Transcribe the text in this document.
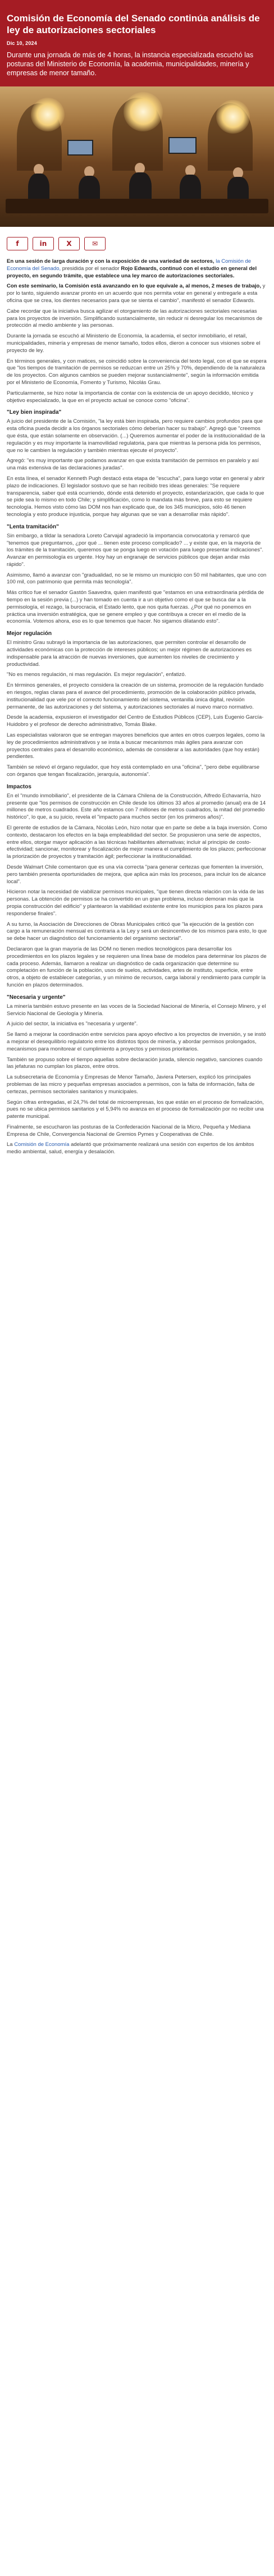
Comisión de Economía del Senado continúa análisis de ley de autorizaciones sectoriales
Dic 10, 2024

Durante una jornada de más de 4 horas, la instancia especializada escuchó las posturas del Ministerio de Economía, la academia, municipalidades, minería y empresas de menor tamaño.

f	in	X	✉

En una sesión de larga duración y con la exposición de una variedad de sectores, la Comisión de Economía del Senado, presidida por el senador Rojo Edwards, continuó con el estudio en general del proyecto, en segundo trámite, que establece una ley marco de autorizaciones sectoriales.

Con este seminario, la Comisión está avanzando en lo que equivale a, al menos, 2 meses de trabajo, y por lo tanto, siguiendo avanzar pronto en un acuerdo que nos permita votar en general y entregarle a esta oficina que se crea, los dientes necesarios para que se sienta el cambio", manifestó el senador Edwards.

Cabe recordar que la iniciativa busca agilizar el otorgamiento de las autorizaciones sectoriales necesarias para los proyectos de inversión. Simplificando sustancialmente, sin reducir ni desregular los mecanismos de protección al medio ambiente y las personas.

Durante la jornada se escuchó al Ministerio de Economía, la academia, el sector inmobiliario, el retail, municipalidades, minería y empresas de menor tamaño, todos ellos, dieron a conocer sus visiones sobre el proyecto de ley.

En términos generales, y con matices, se coincidió sobre la conveniencia del texto legal, con el que se espera que "los tiempos de tramitación de permisos se reduzcan entre un 25% y 70%, dependiendo de la naturaleza de los proyectos. Con algunos cambios se pueden mejorar sustancialmente", según la información emitida por el Ministerio de Economía, Fomento y Turismo, Nicolás Grau.

Particularmente, se hizo notar la importancia de contar con la existencia de un apoyo decidido, técnico y objetivo especializado, la que en el proyecto actual se conoce como "oficina".

"Ley bien inspirada"

A juicio del presidente de la Comisión, "la ley está bien inspirada, pero requiere cambios profundos para que esta oficina pueda decidir a los órganos sectoriales cómo deberían hacer su trabajo". Agregó que "creemos que ésta, que están solamente en observación. (...) Queremos aumentar el poder de la institucionalidad de la regulación y es muy importante la inamovilidad regulatoria, para que mientras la persona pida los permisos, que no le cambien la regulación y también mientras ejecute el proyecto".

Agregó: "es muy importante que podamos avanzar en que exista tramitación de permisos en paralelo y así una más extensiva de las declaraciones juradas".

En esta línea, el senador Kenneth Pugh destacó esta etapa de "escucha", para luego votar en general y abrir plazo de indicaciones. El legislador sostuvo que se han recibido tres ideas generales: "Se requiere transparencia, saber qué está ocurriendo, dónde está detenido el proyecto, estandarización, que cada lo que se pide sea lo mismo en todo Chile; y simplificación, como lo mandata más breve, para esto se requiere tecnología. Hemos visto cómo las DOM nos han explicado que, de los 345 municipios, sólo 46 tienen tecnología y esto produce injusticia, porque hay algunas que se van a desarrollar más rápido".

"Lenta tramitación"

Sin embargo, a tildar la senadora Loreto Carvajal agradeció la importancia convocatoria y remarcó que "tenemos que preguntarnos, ¿por qué ... tienen este proceso complicado? ... y existe que, en la mayoría de los trámites de la tramitación, queremos que se ponga luego en votación para luego presentar indicaciones". Avanzar en permisología es urgente. Hoy hay un engranaje de servicios públicos que dejan andar más rápido".

Asimismo, llamó a avanzar con "gradualidad, no se le mismo un municipio con 50 mil habitantes, que uno con 100 mil, con patrimonio que permita más tecnología".

Más crítico fue el senador Gastón Saavedra, quien manifestó que "estamos en una extraordinaria pérdida de tiempo en la sesión previa (...) y han tomado en cuenta ir a un objetivo como el que se busca dar a la permisología, el rezago, la burocracia, el Estado lento, que nos quita fuerzas. ¿Por qué no ponemos en práctica una inversión estratégica, que se genere empleo y que contribuya a crecer en el medio de la economía. Votemos ahora, eso es lo que tenemos que hacer. No sigamos dilatando esto".

Mejor regulación

El ministro Grau subrayó la importancia de las autorizaciones, que permiten controlar el desarrollo de actividades económicas con la protección de intereses públicos; un mejor régimen de autorizaciones es indispensable para la atracción de nuevas inversiones, que aumenten los niveles de crecimiento y productividad.

"No es menos regulación, ni mas regulación. Es mejor regulación", enfatizó.

En términos generales, el proyecto considera la creación de un sistema, promoción de la regulación fundado en riesgos, reglas claras para el avance del procedimiento, promoción de la colaboración público privada, institucionalidad que vele por el correcto funcionamiento del sistema, ventanilla única digital, revisión permanente, de las autorizaciones y del sistema, y autorizaciones sectoriales al nuevo marco normativo.

Desde la academia, expusieron el investigador del Centro de Estudios Públicos (CEP), Luis Eugenio García-Huidobro y el profesor de derecho administrativo, Tomás Blake.

Las especialistas valoraron que se entregan mayores beneficios que antes en otros cuerpos legales, como la ley de procedimientos administrativos y se insta a buscar mecanismos más ágiles para avanzar con proyectos centrales para el desarrollo económico, además de considerar a las autoridades (que hoy están) pendientes.

También se relevó el órgano regulador, que hoy está contemplado en una "oficina", "pero debe equilibrarse con órganos que tengan fiscalización, jerarquía, autonomía".

Impactos

En el "mundo inmobiliario", el presidente de la Cámara Chilena de la Construcción, Alfredo Echavarría, hizo presente que "los permisos de construcción en Chile desde los últimos 33 años al promedio (anual) era de 14 millones de metros cuadrados. Este año estamos con 7 millones de metros cuadrados, la mitad del promedio histórico", lo que, a su juicio, revela el "impacto para muchos sector (en los primeros años)".

El gerente de estudios de la Cámara, Nicolás León, hizo notar que en parte se debe a la baja inversión. Como contexto, destacaron los efectos en la baja empleabilidad del sector. Se propusieron una serie de aspectos, entre ellos, otorgar mayor aplicación a las técnicas habilitantes alternativas; incluir al principio de costo-efectividad; sancionar, monitorear y fiscalización de mejor manera el cumplimiento de los plazos; perfeccionar la priorización de proyectos y tramitación ágil; perfeccionar la institucionalidad.

Desde Walmart Chile comentaron que es una vía correcta "para generar certezas que fomenten la inversión, pero también presenta oportunidades de mejora, que aplica aún más los procesos, para incluir los de alcance local".

Hicieron notar la necesidad de viabilizar permisos municipales, "que tienen directa relación con la vida de las personas. La obtención de permisos se ha convertido en un gran problema, incluso demoran más que la propia construcción del edificio" y plantearon la viabilidad existente entre los municipios para los plazos para responderse finales".

A su turno, la Asociación de Direcciones de Obras Municipales criticó que "la ejecución de la gestión con cargo a la remuneración mensual es contraria a la Ley y será un desincentivo de los mismos para esto, lo que se debe hacer un diagnóstico del funcionamiento del organismo sectorial".

Declararon que la gran mayoría de las DOM no tienen medios tecnológicos para desarrollar los procedimientos en los plazos legales y se requieren una línea base de modelos para determinar los plazos de cada proceso. Además, llamaron a realizar un diagnóstico de cada organización que determine su completación en función de la población, usos de suelos, actividades, artes de instituto, superficie, entre otros, a objeto de establecer categorías, y un mínimo de recursos, carga laboral y rendimiento para cumplir la función en plazos determinados.

"Necesaria y urgente"

La minería también estuvo presente en las voces de la Sociedad Nacional de Minería, el Consejo Minero, y el Servicio Nacional de Geología y Minería.

A juicio del sector, la iniciativa es "necesaria y urgente".

Se llamó a mejorar la coordinación entre servicios para apoyo efectivo a los proyectos de inversión, y se instó a mejorar el desequilibrio regulatorio entre los distintos tipos de minería, y abordar permisos prolongados, mecanismos para monitorear el cumplimiento a proyectos y permisos prioritarios.

También se propuso sobre el tiempo aquellas sobre declaración jurada, silencio negativo, sanciones cuando las jefaturas no cumplan los plazos, entre otros.

La subsecretaria de Economía y Empresas de Menor Tamaño, Javiera Petersen, explicó los principales problemas de las micro y pequeñas empresas asociados a permisos, con la falta de información, falta de certezas, permisos sectoriales sanitarios y municipales.

Según cifras entregadas, el 24,7% del total de microempresas, los que están en el proceso de formalización, pues no se ubica permisos sanitarios y el 5,94% no avanza en el proceso de formalización por no recibir una patente municipal.

Finalmente, se escucharon las posturas de la Confederación Nacional de la Micro, Pequeña y Mediana Empresa de Chile, Convergencia Nacional de Gremios Pymes y Cooperativas de Chile.

La Comisión de Economía adelantó que próximamente realizará una sesión con expertos de los ámbitos medio ambiental, salud, energía y desalación.
